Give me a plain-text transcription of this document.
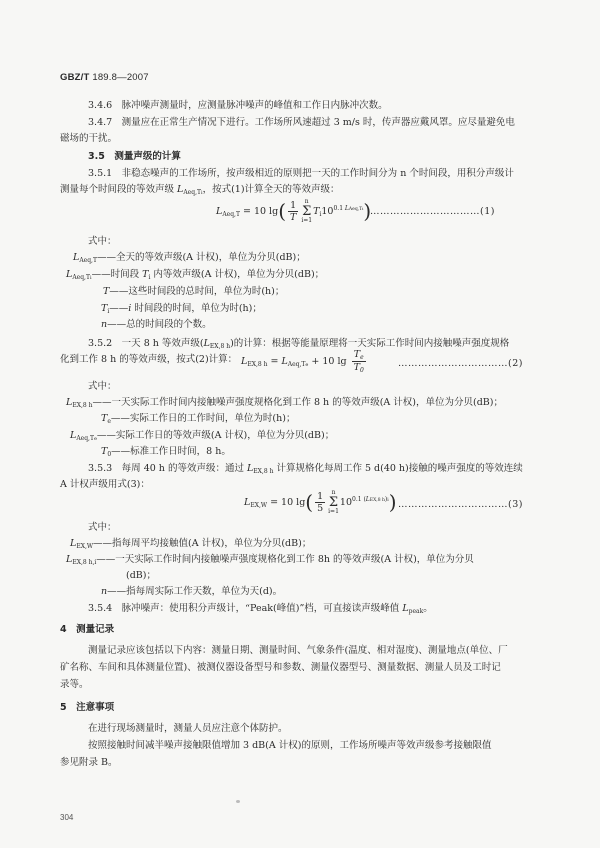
GBZ/T 189.8—2007
3.4.6　脉冲噪声测量时，应测量脉冲噪声的峰值和工作日内脉冲次数。
3.4.7　测量应在正常生产情况下进行。工作场所风速超过 3 m/s 时，传声器应戴风罩。应尽量避免电
磁场的干扰。
3.5　测量声级的计算
3.5.1　非稳态噪声的工作场所，按声级相近的原则把一天的工作时间分为 n 个时间段，用积分声级计
测量每个时间段的等效声级 $L_{Aeq,Ti}$，按式(1)计算全天的等效声级：
$L_{Aeq,T} = 10$ $\lg( \frac{1}{T}$ n
Σ
$i=1T_i10^{0.1 LAeq,Ti}$)
……………………………(1)
式中：
$L_{Aeq,T}——$全天的等效声级(A 计权)，单位为分贝(dB)；
$L_{Aeq,Ti}——$时间段 $T_i$ 内等效声级(A 计权)，单位为分贝(dB)；
T——这些时间段的总时间，单位为时(h)；
$T_i——i$ 时间段的时间，单位为时(h)；
n——总的时间段的个数。
3.5.2　一天 8 h 等效声级$(L_{EX,8 h})$的计算：根据等能量原理将一天实际工作时间内接触噪声强度规格
化到工作 8 h 的等效声级，按式(2)计算： $L_{EX,8 h} = L_{Aeq,Te} + 10$ $\lg \frac{T_e}{T_0}$	……………………………(2)
式中：
$L_{EX,8 h}——$一天实际工作时间内接触噪声强度规格化到工作 8 h 的等效声级(A 计权)，单位为分贝(dB)；
$T_e——$实际工作日的工作时间，单位为时(h)；
$L_{Aeq,Te}——$实际工作日的等效声级(A 计权)，单位为分贝(dB)；
$T_0——$标准工作日时间，8 h。
3.5.3　每周 40 h 的等效声级：通过 $L_{EX,8 h}$ 计算规格化每周工作 5 d(40 h)接触的噪声强度的等效连续
A 计权声级用式(3)：
$L_{EX,W} = 10$ $\lg( \frac{1}{5}$ n
Σ
$i=110^{0.1 (LEX,8 h)i}$) ……………………………(3)
式中：
$L_{EX,W}——$指每周平均接触值(A 计权)，单位为分贝(dB)；
$L_{EX,8 h,i}——$一天实际工作时间内接触噪声强度规格化到工作 8h 的等效声级(A 计权)，单位为分贝
(dB)；
n——指每周实际工作天数，单位为天(d)。
3.5.4　脉冲噪声：使用积分声级计，“Peak(峰值)”档，可直接读声级峰值 $L_{peak}$。
4　测量记录
测量记录应该包括以下内容：测量日期、测量时间、气象条件(温度、相对湿度)、测量地点(单位、厂
矿名称、车间和具体测量位置)、被测仪器设备型号和参数、测量仪器型号、测量数据、测量人员及工时记
录等。
5　注意事项
在进行现场测量时，测量人员应注意个体防护。
按照接触时间减半噪声接触限值增加 3 dB(A 计权)的原则，工作场所噪声等效声级参考接触限值
参见附录 B。
304
